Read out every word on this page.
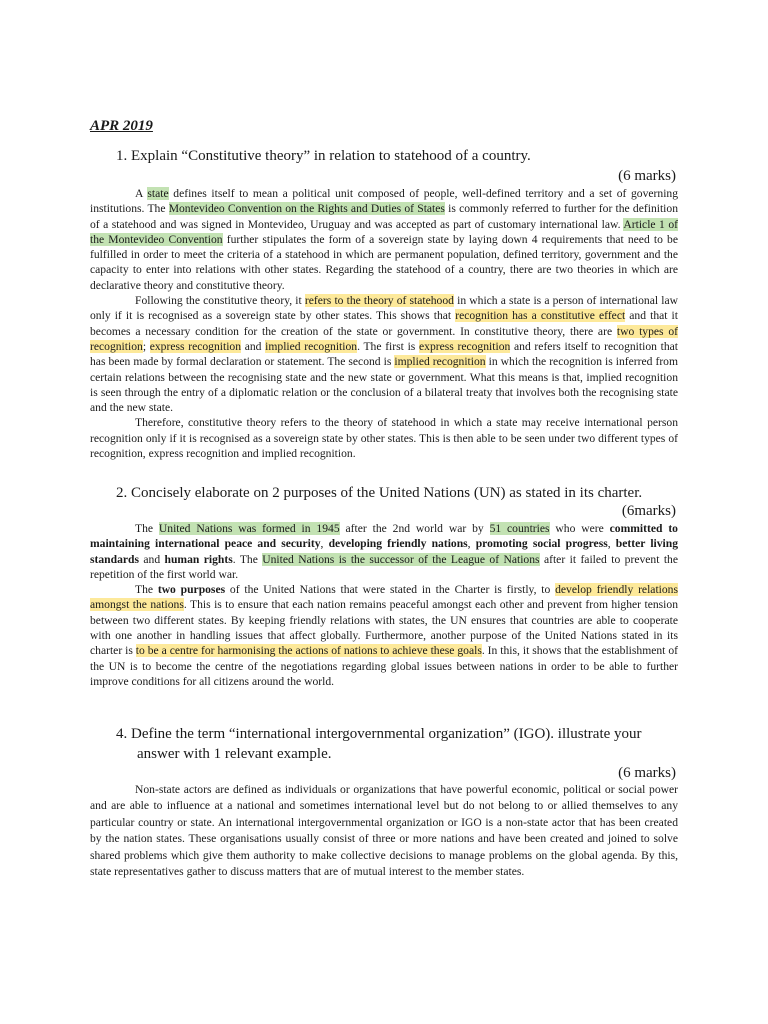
APR 2019
1. Explain “Constitutive theory” in relation to statehood of a country.
(6 marks)

A state defines itself to mean a political unit composed of people, well-defined territory and a set of governing institutions. The Montevideo Convention on the Rights and Duties of States is commonly referred to further for the definition of a statehood and was signed in Montevideo, Uruguay and was accepted as part of customary international law. Article 1 of the Montevideo Convention further stipulates the form of a sovereign state by laying down 4 requirements that need to be fulfilled in order to meet the criteria of a statehood in which are permanent population, defined territory, government and the capacity to enter into relations with other states. Regarding the statehood of a country, there are two theories in which are declarative theory and constitutive theory.

Following the constitutive theory, it refers to the theory of statehood in which a state is a person of international law only if it is recognised as a sovereign state by other states. This shows that recognition has a constitutive effect and that it becomes a necessary condition for the creation of the state or government. In constitutive theory, there are two types of recognition; express recognition and implied recognition. The first is express recognition and refers itself to recognition that has been made by formal declaration or statement. The second is implied recognition in which the recognition is inferred from certain relations between the recognising state and the new state or government. What this means is that, implied recognition is seen through the entry of a diplomatic relation or the conclusion of a bilateral treaty that involves both the recognising state and the new state.

Therefore, constitutive theory refers to the theory of statehood in which a state may receive international person recognition only if it is recognised as a sovereign state by other states. This is then able to be seen under two different types of recognition, express recognition and implied recognition.

2. Concisely elaborate on 2 purposes of the United Nations (UN) as stated in its charter.
(6marks)

The United Nations was formed in 1945 after the 2nd world war by 51 countries who were committed to maintaining international peace and security, developing friendly nations, promoting social progress, better living standards and human rights. The United Nations is the successor of the League of Nations after it failed to prevent the repetition of the first world war.

The two purposes of the United Nations that were stated in the Charter is firstly, to develop friendly relations amongst the nations. This is to ensure that each nation remains peaceful amongst each other and prevent from higher tension between two different states. By keeping friendly relations with states, the UN ensures that countries are able to cooperate with one another in handling issues that affect globally. Furthermore, another purpose of the United Nations stated in its charter is to be a centre for harmonising the actions of nations to achieve these goals. In this, it shows that the establishment of the UN is to become the centre of the negotiations regarding global issues between nations in order to be able to further improve conditions for all citizens around the world.

4. Define the term “international intergovernmental organization” (IGO). illustrate your
answer with 1 relevant example.
(6 marks)

Non-state actors are defined as individuals or organizations that have powerful economic, political or social power and are able to influence at a national and sometimes international level but do not belong to or allied themselves to any particular country or state. An international intergovernmental organization or IGO is a non-state actor that has been created by the nation states. These organisations usually consist of three or more nations and have been created and joined to solve shared problems which give them authority to make collective decisions to manage problems on the global agenda. By this, state representatives gather to discuss matters that are of mutual interest to the member states.
